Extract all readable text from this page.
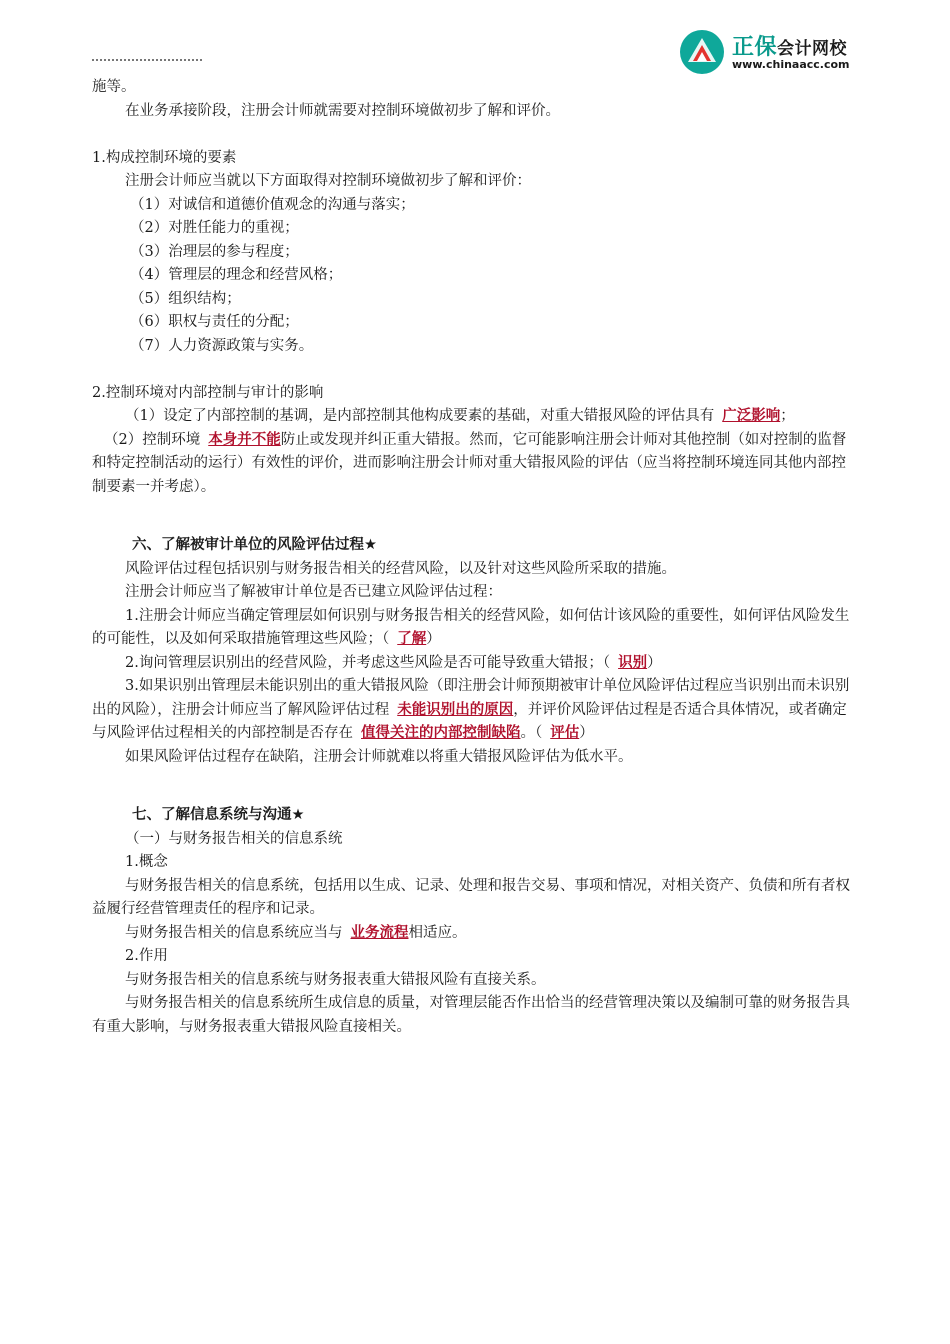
正保会计网校
www.chinaacc.com

施等。

在业务承接阶段，注册会计师就需要对控制环境做初步了解和评价。

1.构成控制环境的要素

注册会计师应当就以下方面取得对控制环境做初步了解和评价：

（1）对诚信和道德价值观念的沟通与落实；

（2）对胜任能力的重视；

（3）治理层的参与程度；

（4）管理层的理念和经营风格；

（5）组织结构；

（6）职权与责任的分配；

（7）人力资源政策与实务。

2.控制环境对内部控制与审计的影响

（1）设定了内部控制的基调，是内部控制其他构成要素的基础，对重大错报风险的评估具有 广泛影响；

（2）控制环境 本身并不能防止或发现并纠正重大错报。然而，它可能影响注册会计师对其他控制（如对控制的监督和特定控制活动的运行）有效性的评价，进而影响注册会计师对重大错报风险的评估（应当将控制环境连同其他内部控制要素一并考虑）。

六、了解被审计单位的风险评估过程★

风险评估过程包括识别与财务报告相关的经营风险，以及针对这些风险所采取的措施。

注册会计师应当了解被审计单位是否已建立风险评估过程：

1.注册会计师应当确定管理层如何识别与财务报告相关的经营风险，如何估计该风险的重要性，如何评估风险发生的可能性，以及如何采取措施管理这些风险；（ 了解）

2.询问管理层识别出的经营风险，并考虑这些风险是否可能导致重大错报；（ 识别）

3.如果识别出管理层未能识别出的重大错报风险（即注册会计师预期被审计单位风险评估过程应当识别出而未识别出的风险），注册会计师应当了解风险评估过程 未能识别出的原因，并评价风险评估过程是否适合具体情况，或者确定与风险评估过程相关的内部控制是否存在 值得关注的内部控制缺陷。（ 评估）

如果风险评估过程存在缺陷，注册会计师就难以将重大错报风险评估为低水平。

七、了解信息系统与沟通★

（一）与财务报告相关的信息系统

1.概念

与财务报告相关的信息系统，包括用以生成、记录、处理和报告交易、事项和情况，对相关资产、负债和所有者权益履行经营管理责任的程序和记录。

与财务报告相关的信息系统应当与 业务流程相适应。

2.作用

与财务报告相关的信息系统与财务报表重大错报风险有直接关系。

与财务报告相关的信息系统所生成信息的质量，对管理层能否作出恰当的经营管理决策以及编制可靠的财务报告具有重大影响，与财务报表重大错报风险直接相关。
